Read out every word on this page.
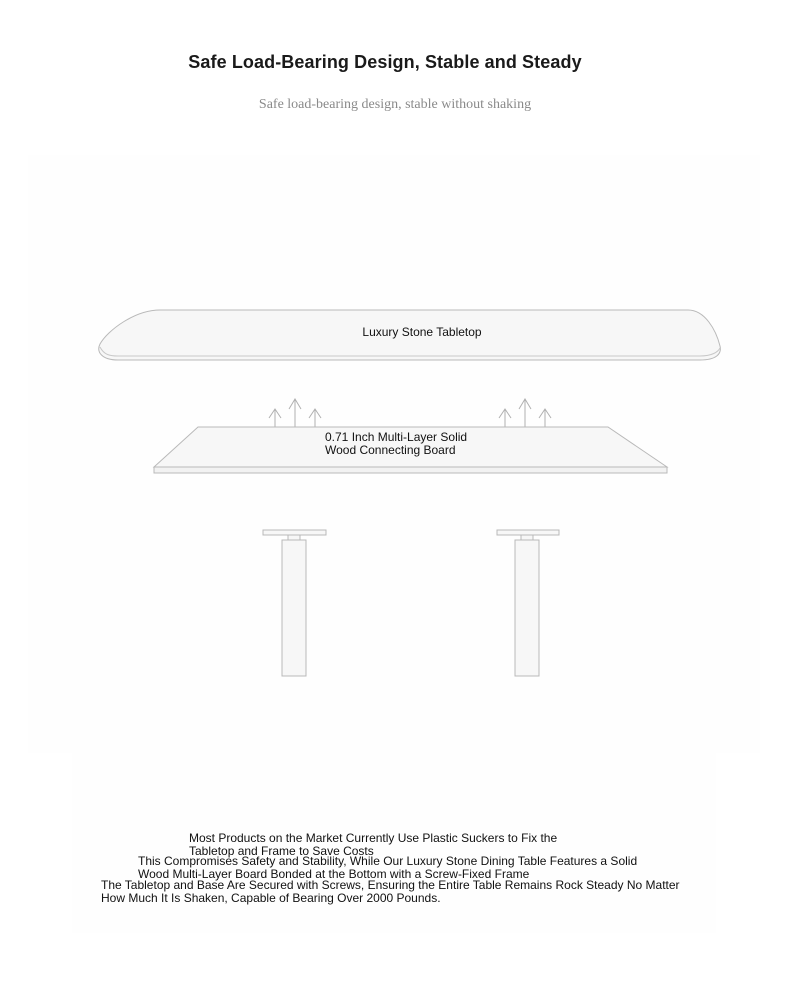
Safe Load-Bearing Design, Stable and Steady
Safe load-bearing design, stable without shaking
Luxury Stone Tabletop
0.71 Inch Multi-Layer Solid Wood Connecting Board
Most Products on the Market Currently Use Plastic Suckers to Fix the Tabletop and Frame to Save Costs
This Compromises Safety and Stability, While Our Luxury Stone Dining Table Features a Solid Wood Multi-Layer Board Bonded at the Bottom with a Screw-Fixed Frame
The Tabletop and Base Are Secured with Screws, Ensuring the Entire Table Remains Rock Steady No Matter How Much It Is Shaken, Capable of Bearing Over 2000 Pounds.
